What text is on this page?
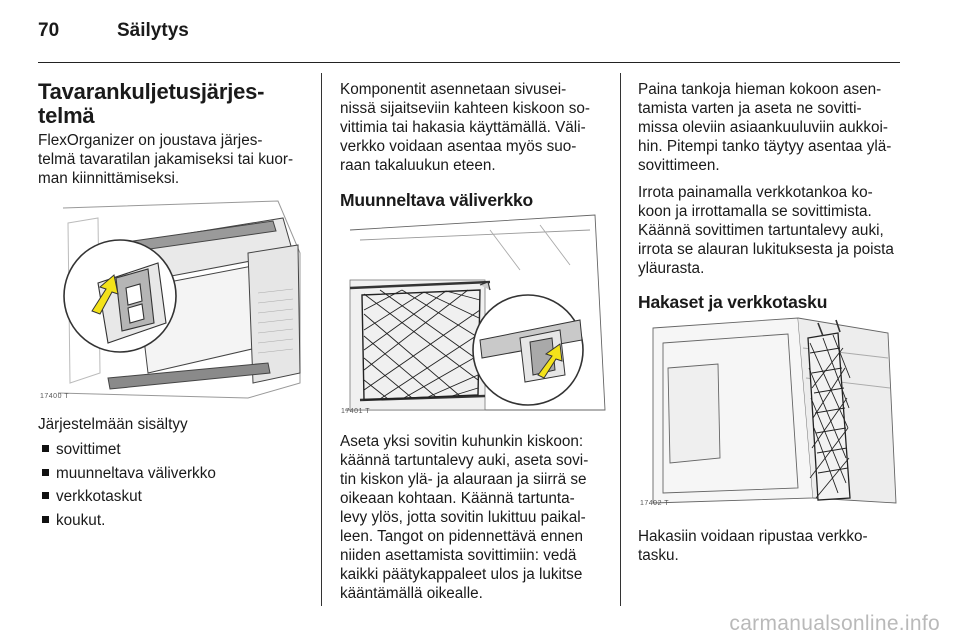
70	Säilytys
Tavarankuljetusjärjes-
telmä

FlexOrganizer on joustava järjes-
telmä tavaratilan jakamiseksi tai kuor-
man kiinnittämiseksi.

17400 T

Järjestelmään sisältyy

sovittimet
muunneltava väliverkko
verkkotaskut
koukut.

Komponentit asennetaan sivusei-
nissä sijaitseviin kahteen kiskoon so-
vittimia tai hakasia käyttämällä. Väli-
verkko voidaan asentaa myös suo-
raan takaluukun eteen.

Muunneltava väliverkko
17401 T

Aseta yksi sovitin kuhunkin kiskoon:
käännä tartuntalevy auki, aseta sovi-
tin kiskon ylä- ja alauraan ja siirrä se
oikeaan kohtaan. Käännä tartunta-
levy ylös, jotta sovitin lukittuu paikal-
leen. Tangot on pidennettävä ennen
niiden asettamista sovittimiin: vedä
kaikki päätykappaleet ulos ja lukitse
kääntämällä oikealle.

Paina tankoja hieman kokoon asen-
tamista varten ja aseta ne sovitti-
missa oleviin asiaankuuluviin aukkoi-
hin. Pitempi tanko täytyy asentaa ylä-
sovittimeen.

Irrota painamalla verkkotankoa ko-
koon ja irrottamalla se sovittimista.
Käännä sovittimen tartuntalevy auki,
irrota se alauran lukituksesta ja poista
yläurasta.

Hakaset ja verkkotasku
17402 T

Hakasiin voidaan ripustaa verkko-
tasku.

carmanualsonline.info
